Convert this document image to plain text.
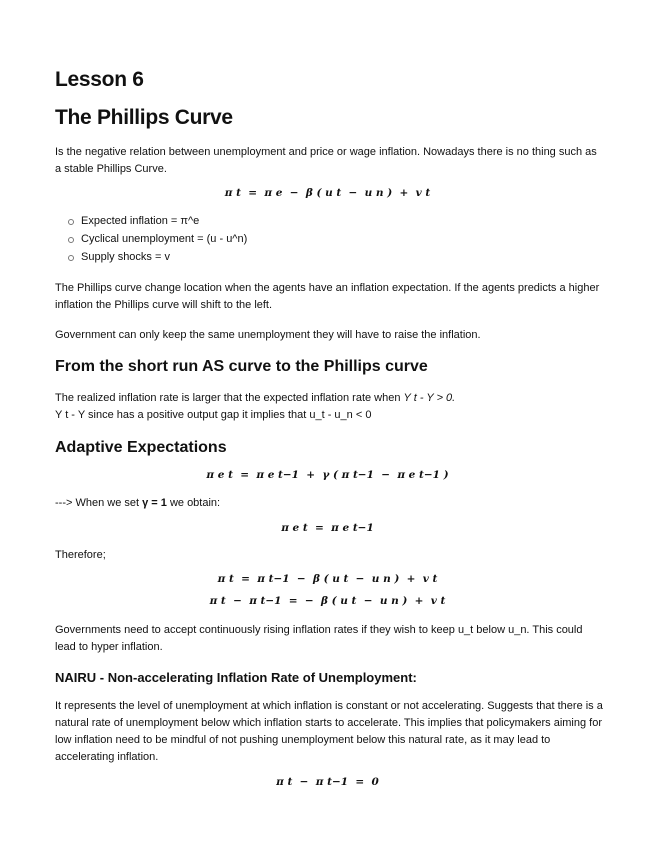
Lesson 6
The Phillips Curve

Is the negative relation between unemployment and price or wage inflation. Nowadays there is no thing such as a stable Phillips Curve.

π t  =  π e  −  β ( u t  −  u n )  +  v t
Expected inflation = π^e
Cyclical unemployment = (u - u^n)
Supply shocks = v

The Phillips curve change location when the agents have an inflation expectation. If the agents predicts a higher inflation the Phillips curve will shift to the left.

Government can only keep the same unemployment they will have to raise the inflation.

From the short run AS curve to the Phillips curve

The realized inflation rate is larger that the expected inflation rate when Y t - Y > 0.

Y t - Y since has a positive output gap it implies that u_t - u_n < 0

Adaptive Expectations
π e t  =  π e t−1  +  γ ( π t−1  −  π e t−1 )

---> When we set γ = 1 we obtain:

π e t  =  π e t−1

Therefore;

π t  =  π t−1  −  β ( u t  −  u n )  +  v t
π t  −  π t−1  =  −  β ( u t  −  u n )  +  v t

Governments need to accept continuously rising inflation rates if they wish to keep u_t below u_n. This could lead to hyper inflation.

NAIRU - Non-accelerating Inflation Rate of Unemployment:

It represents the level of unemployment at which inflation is constant or not accelerating. Suggests that there is a natural rate of unemployment below which inflation starts to accelerate. This implies that policymakers aiming for low inflation need to be mindful of not pushing unemployment below this natural rate, as it may lead to accelerating inflation.

π t  −  π t−1  =  0
